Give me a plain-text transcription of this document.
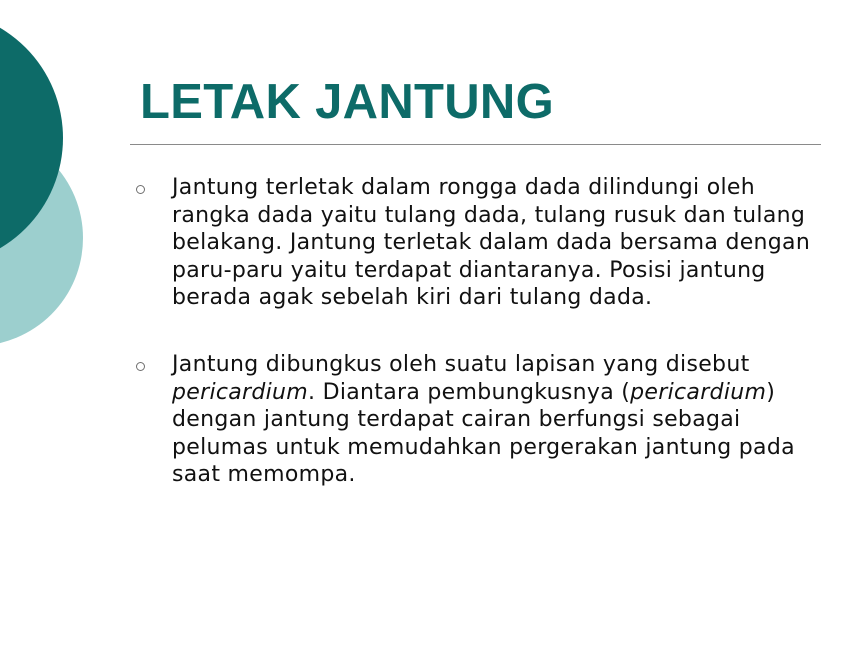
LETAK JANTUNG
Jantung terletak dalam rongga dada dilindungi oleh rangka dada yaitu tulang dada, tulang rusuk dan tulang belakang. Jantung terletak dalam dada bersama dengan paru-paru yaitu terdapat diantaranya. Posisi jantung berada agak sebelah kiri dari tulang dada.
Jantung dibungkus oleh suatu lapisan yang disebut pericardium. Diantara pembungkusnya (pericardium) dengan jantung terdapat cairan berfungsi sebagai pelumas untuk memudahkan pergerakan jantung pada saat memompa.
